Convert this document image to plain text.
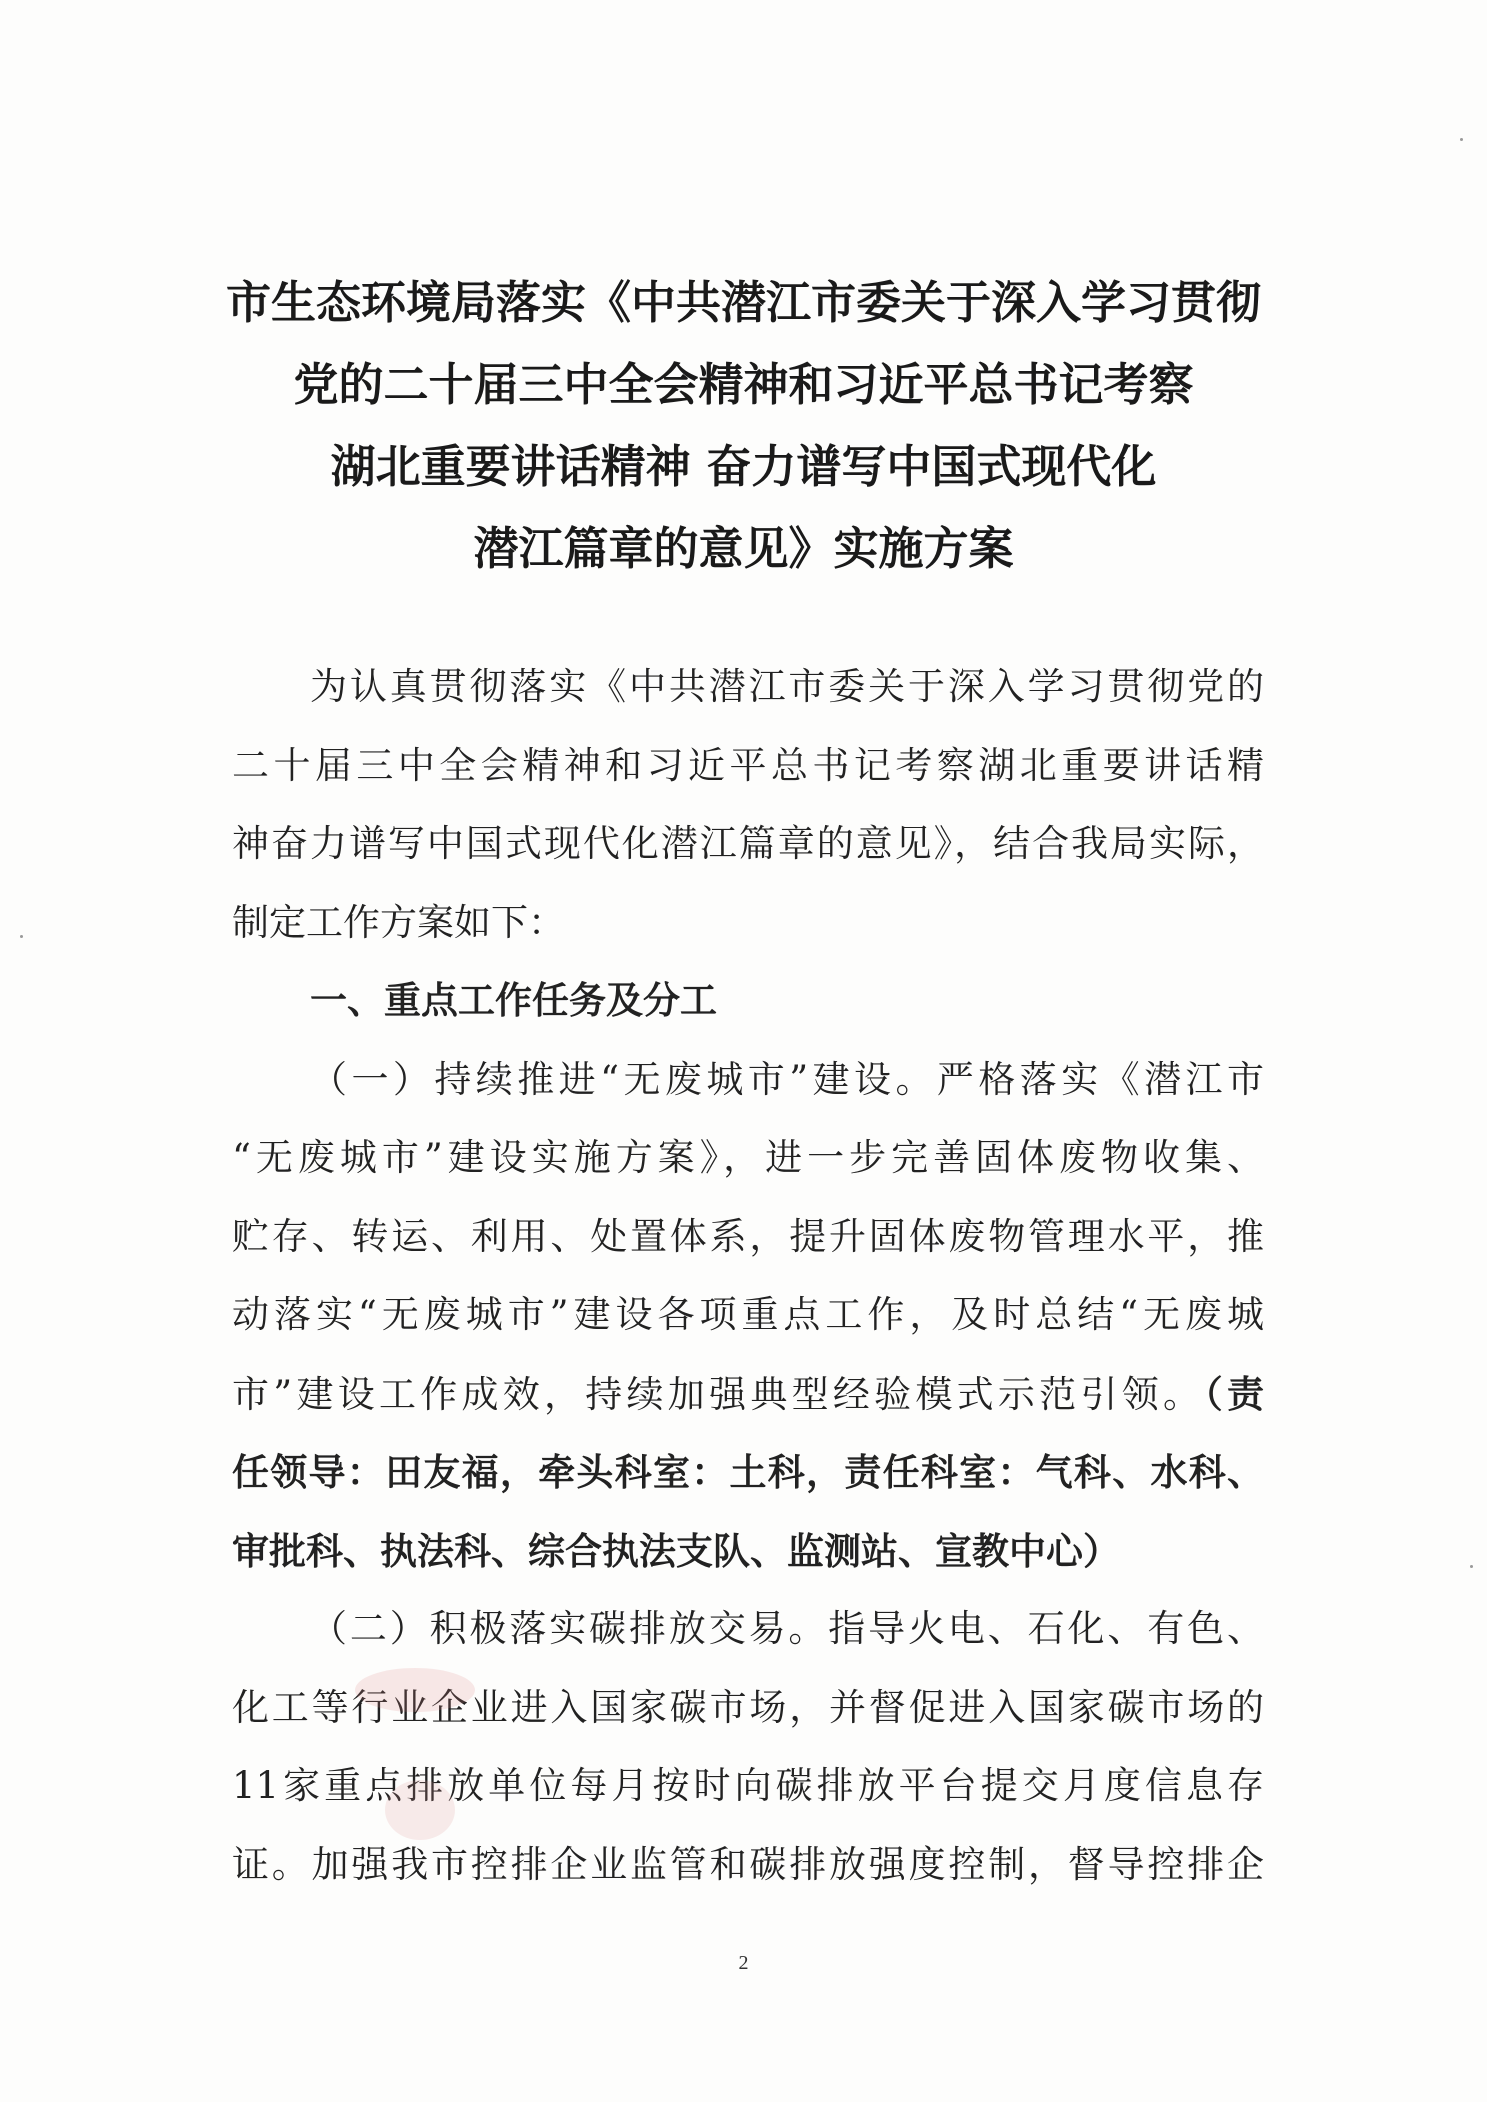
市生态环境局落实《中共潜江市委关于深入学习贯彻
党的二十届三中全会精神和习近平总书记考察
湖北重要讲话精神 奋力谱写中国式现代化
潜江篇章的意见》实施方案
为认真贯彻落实《中共潜江市委关于深入学习贯彻党的
二十届三中全会精神和习近平总书记考察湖北重要讲话精
神奋力谱写中国式现代化潜江篇章的意见》，结合我局实际，
制定工作方案如下：
一、重点工作任务及分工
（一）持续推进“无废城市”建设。严格落实《潜江市
“无废城市”建设实施方案》，进一步完善固体废物收集、
贮存、转运、利用、处置体系，提升固体废物管理水平，推
动落实“无废城市”建设各项重点工作，及时总结“无废城
市”建设工作成效，持续加强典型经验模式示范引领。（责
任领导：田友福，牵头科室：土科，责任科室：气科、水科、
审批科、执法科、综合执法支队、监测站、宣教中心）
（二）积极落实碳排放交易。指导火电、石化、有色、
化工等行业企业进入国家碳市场，并督促进入国家碳市场的
11家重点排放单位每月按时向碳排放平台提交月度信息存
证。加强我市控排企业监管和碳排放强度控制，督导控排企
2
